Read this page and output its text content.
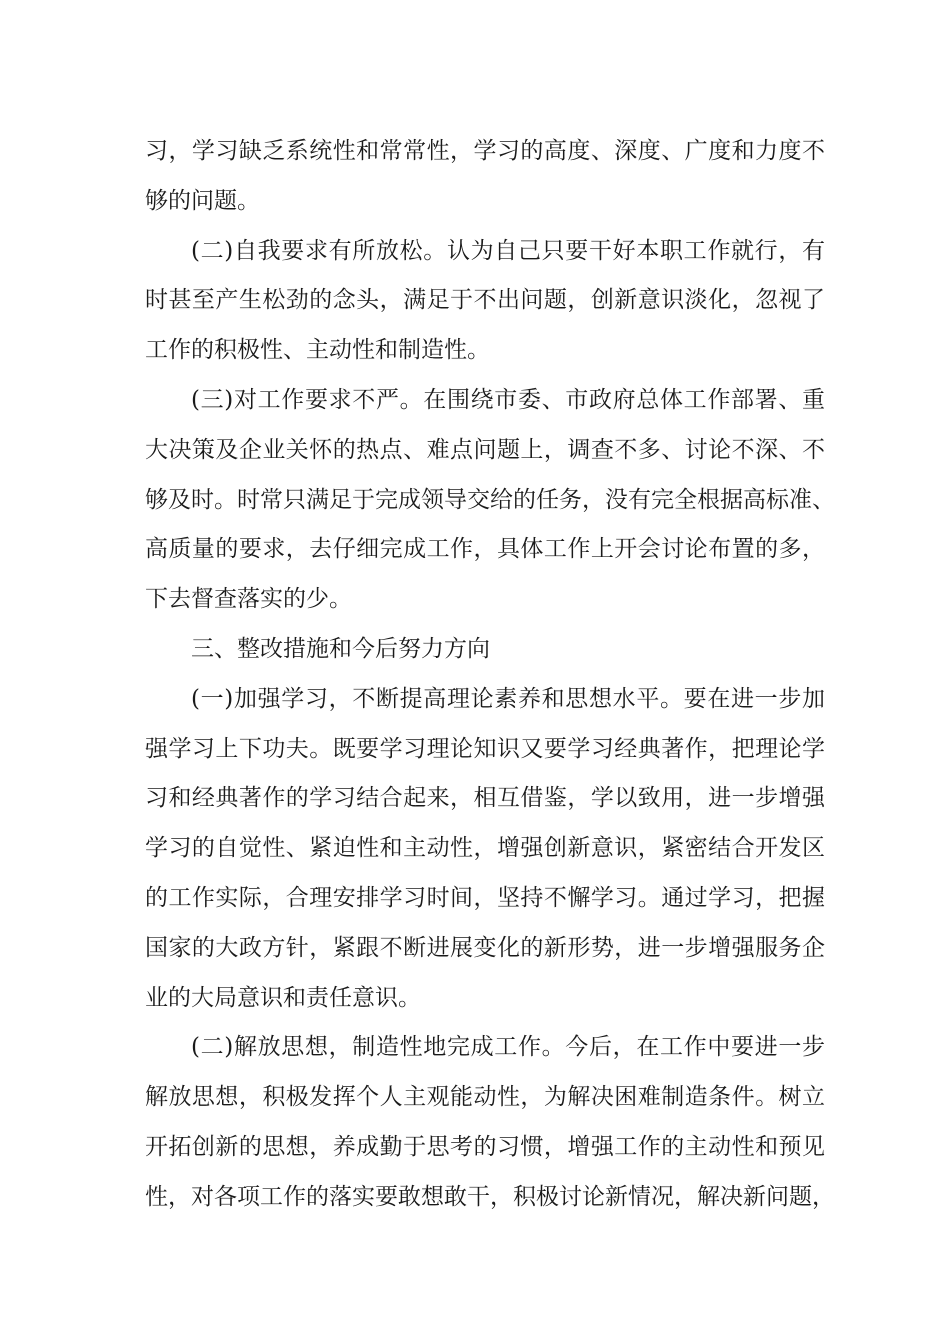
习，学习缺乏系统性和常常性，学习的高度、深度、广度和力度不
够的问题。
(二)自我要求有所放松。认为自己只要干好本职工作就行，有
时甚至产生松劲的念头，满足于不出问题，创新意识淡化，忽视了
工作的积极性、主动性和制造性。
(三)对工作要求不严。在围绕市委、市政府总体工作部署、重
大决策及企业关怀的热点、难点问题上，调查不多、讨论不深、不
够及时。时常只满足于完成领导交给的任务，没有完全根据高标准、
高质量的要求，去仔细完成工作，具体工作上开会讨论布置的多，
下去督查落实的少。
三、整改措施和今后努力方向
(一)加强学习，不断提高理论素养和思想水平。要在进一步加
强学习上下功夫。既要学习理论知识又要学习经典著作，把理论学
习和经典著作的学习结合起来，相互借鉴，学以致用，进一步增强
学习的自觉性、紧迫性和主动性，增强创新意识，紧密结合开发区
的工作实际，合理安排学习时间，坚持不懈学习。通过学习，把握
国家的大政方针，紧跟不断进展变化的新形势，进一步增强服务企
业的大局意识和责任意识。
(二)解放思想，制造性地完成工作。今后，在工作中要进一步
解放思想，积极发挥个人主观能动性，为解决困难制造条件。树立
开拓创新的思想，养成勤于思考的习惯，增强工作的主动性和预见
性，对各项工作的落实要敢想敢干，积极讨论新情况，解决新问题，
